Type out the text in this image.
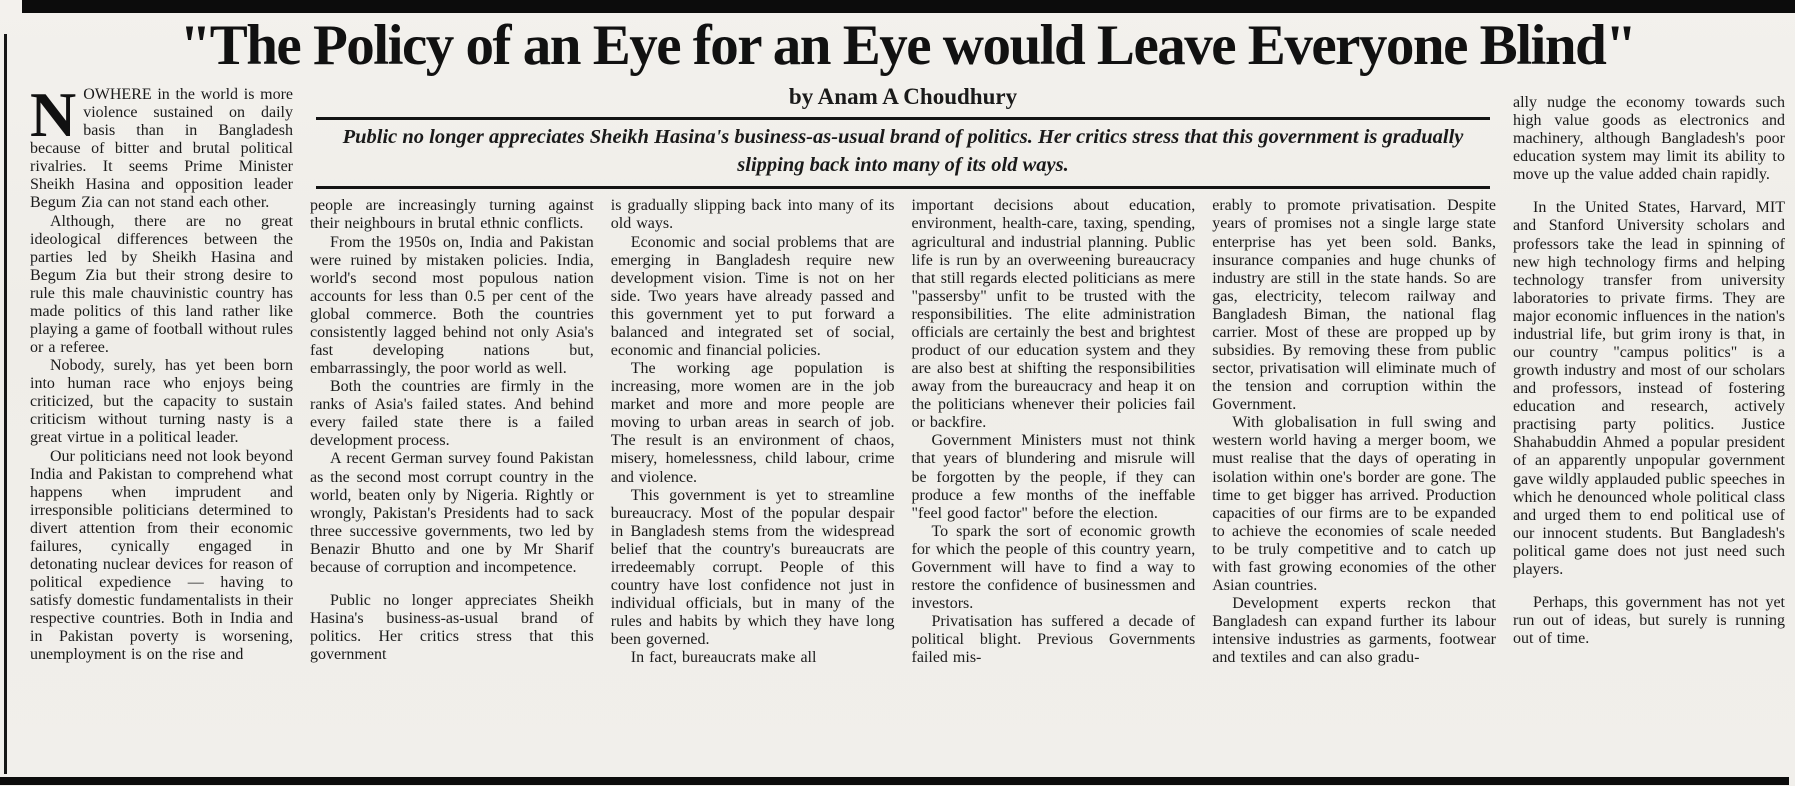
"The Policy of an Eye for an Eye would Leave Everyone Blind"

NOWHERE in the world is more violence sustained on daily basis than in Bangladesh because of bitter and brutal political rivalries. It seems Prime Minister Sheikh Hasina and opposition leader Begum Zia can not stand each other.

Although, there are no great ideological differences between the parties led by Sheikh Hasina and Begum Zia but their strong desire to rule this male chauvinistic country has made politics of this land rather like playing a game of football without rules or a referee.

Nobody, surely, has yet been born into human race who enjoys being criticized, but the capacity to sustain criticism without turning nasty is a great virtue in a political leader.

Our politicians need not look beyond India and Pakistan to comprehend what happens when imprudent and irresponsible politicians determined to divert attention from their economic failures, cynically engaged in detonating nuclear devices for reason of political expedience — having to satisfy domestic fundamentalists in their respective countries. Both in India and in Pakistan poverty is worsening, unemployment is on the rise and

by Anam A Choudhury
Public no longer appreciates Sheikh Hasina's business-as-usual brand of politics. Her critics stress that this government is gradually slipping back into many of its old ways.

people are increasingly turning against their neighbours in brutal ethnic conflicts.

From the 1950s on, India and Pakistan were ruined by mistaken policies. India, world's second most populous nation accounts for less than 0.5 per cent of the global commerce. Both the countries consistently lagged behind not only Asia's fast developing nations but, embarrassingly, the poor world as well.

Both the countries are firmly in the ranks of Asia's failed states. And behind every failed state there is a failed development process.

A recent German survey found Pakistan as the second most corrupt country in the world, beaten only by Nigeria. Rightly or wrongly, Pakistan's Presidents had to sack three successive governments, two led by Benazir Bhutto and one by Mr Sharif because of corruption and incompetence.

Public no longer appreciates Sheikh Hasina's business-as-usual brand of politics. Her critics stress that this government

is gradually slipping back into many of its old ways.

Economic and social problems that are emerging in Bangladesh require new development vision. Time is not on her side. Two years have already passed and this government yet to put forward a balanced and integrated set of social, economic and financial policies.

The working age population is increasing, more women are in the job market and more and more people are moving to urban areas in search of job. The result is an environment of chaos, misery, homelessness, child labour, crime and violence.

This government is yet to streamline bureaucracy. Most of the popular despair in Bangladesh stems from the widespread belief that the country's bureaucrats are irredeemably corrupt. People of this country have lost confidence not just in individual officials, but in many of the rules and habits by which they have long been governed.

In fact, bureaucrats make all

important decisions about education, environment, health-care, taxing, spending, agricultural and industrial planning. Public life is run by an overweening bureaucracy that still regards elected politicians as mere "passersby" unfit to be trusted with the responsibilities. The elite administration officials are certainly the best and brightest product of our education system and they are also best at shifting the responsibilities away from the bureaucracy and heap it on the politicians whenever their policies fail or backfire.

Government Ministers must not think that years of blundering and misrule will be forgotten by the people, if they can produce a few months of the ineffable "feel good factor" before the election.

To spark the sort of economic growth for which the people of this country yearn, Government will have to find a way to restore the confidence of businessmen and investors.

Privatisation has suffered a decade of political blight. Previous Governments failed mis-

erably to promote privatisation. Despite years of promises not a single large state enterprise has yet been sold. Banks, insurance companies and huge chunks of industry are still in the state hands. So are gas, electricity, telecom railway and Bangladesh Biman, the national flag carrier. Most of these are propped up by subsidies. By removing these from public sector, privatisation will eliminate much of the tension and corruption within the Government.

With globalisation in full swing and western world having a merger boom, we must realise that the days of operating in isolation within one's border are gone. The time to get bigger has arrived. Production capacities of our firms are to be expanded to achieve the economies of scale needed to be truly competitive and to catch up with fast growing economies of the other Asian countries.

Development experts reckon that Bangladesh can expand further its labour intensive industries as garments, footwear and textiles and can also gradu-

ally nudge the economy towards such high value goods as electronics and machinery, although Bangladesh's poor education system may limit its ability to move up the value added chain rapidly.

In the United States, Harvard, MIT and Stanford University scholars and professors take the lead in spinning of new high technology firms and helping technology transfer from university laboratories to private firms. They are major economic influences in the nation's industrial life, but grim irony is that, in our country "campus politics" is a growth industry and most of our scholars and professors, instead of fostering education and research, actively practising party politics. Justice Shahabuddin Ahmed a popular president of an apparently unpopular government gave wildly applauded public speeches in which he denounced whole political class and urged them to end political use of our innocent students. But Bangladesh's political game does not just need such players.

Perhaps, this government has not yet run out of ideas, but surely is running out of time.
